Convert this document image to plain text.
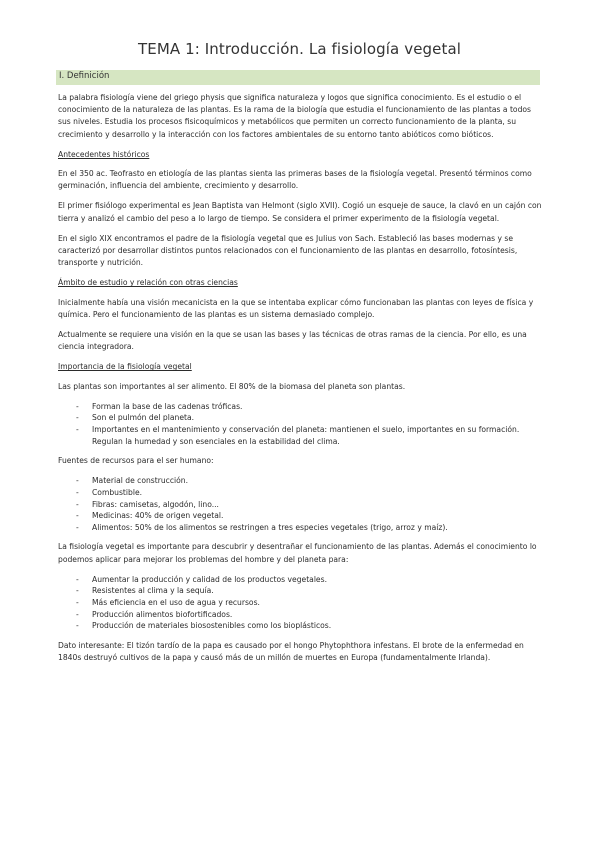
TEMA 1: Introducción. La fisiología vegetal
I. Definición

La palabra fisiología viene del griego physis que significa naturaleza y logos que significa conocimiento. Es el estudio o el conocimiento de la naturaleza de las plantas. Es la rama de la biología que estudia el funcionamiento de las plantas a todos sus niveles. Estudia los procesos fisicoquímicos y metabólicos que permiten un correcto funcionamiento de la planta, su crecimiento y desarrollo y la interacción con los factores ambientales de su entorno tanto abióticos como bióticos.

Antecedentes históricos

En el 350 ac. Teofrasto en etiología de las plantas sienta las primeras bases de la fisiología vegetal. Presentó términos como germinación, influencia del ambiente, crecimiento y desarrollo.

El primer fisiólogo experimental es Jean Baptista van Helmont (siglo XVII). Cogió un esqueje de sauce, la clavó en un cajón con tierra y analizó el cambio del peso a lo largo de tiempo. Se considera el primer experimento de la fisiología vegetal.

En el siglo XIX encontramos el padre de la fisiología vegetal que es Julius von Sach. Estableció las bases modernas y se caracterizó por desarrollar distintos puntos relacionados con el funcionamiento de las plantas en desarrollo, fotosíntesis, transporte y nutrición.

Ámbito de estudio y relación con otras ciencias

Inicialmente había una visión mecanicista en la que se intentaba explicar cómo funcionaban las plantas con leyes de física y química. Pero el funcionamiento de las plantas es un sistema demasiado complejo.

Actualmente se requiere una visión en la que se usan las bases y las técnicas de otras ramas de la ciencia. Por ello, es una ciencia integradora.

Importancia de la fisiología vegetal

Las plantas son importantes al ser alimento. El 80% de la biomasa del planeta son plantas.

- Forman la base de las cadenas tróficas.
- Son el pulmón del planeta.
- Importantes en el mantenimiento y conservación del planeta: mantienen el suelo, importantes en su formación. Regulan la humedad y son esenciales en la estabilidad del clima.

Fuentes de recursos para el ser humano:

- Material de construcción.
- Combustible.
- Fibras: camisetas, algodón, lino...
- Medicinas: 40% de origen vegetal.
- Alimentos: 50% de los alimentos se restringen a tres especies vegetales (trigo, arroz y maíz).

La fisiología vegetal es importante para descubrir y desentrañar el funcionamiento de las plantas. Además el conocimiento lo podemos aplicar para mejorar los problemas del hombre y del planeta para:

- Aumentar la producción y calidad de los productos vegetales.
- Resistentes al clima y la sequía.
- Más eficiencia en el uso de agua y recursos.
- Producción alimentos biofortificados.
- Producción de materiales biosostenibles como los bioplásticos.

Dato interesante: El tizón tardío de la papa es causado por el hongo Phytophthora infestans. El brote de la enfermedad en 1840s destruyó cultivos de la papa y causó más de un millón de muertes en Europa (fundamentalmente Irlanda).
